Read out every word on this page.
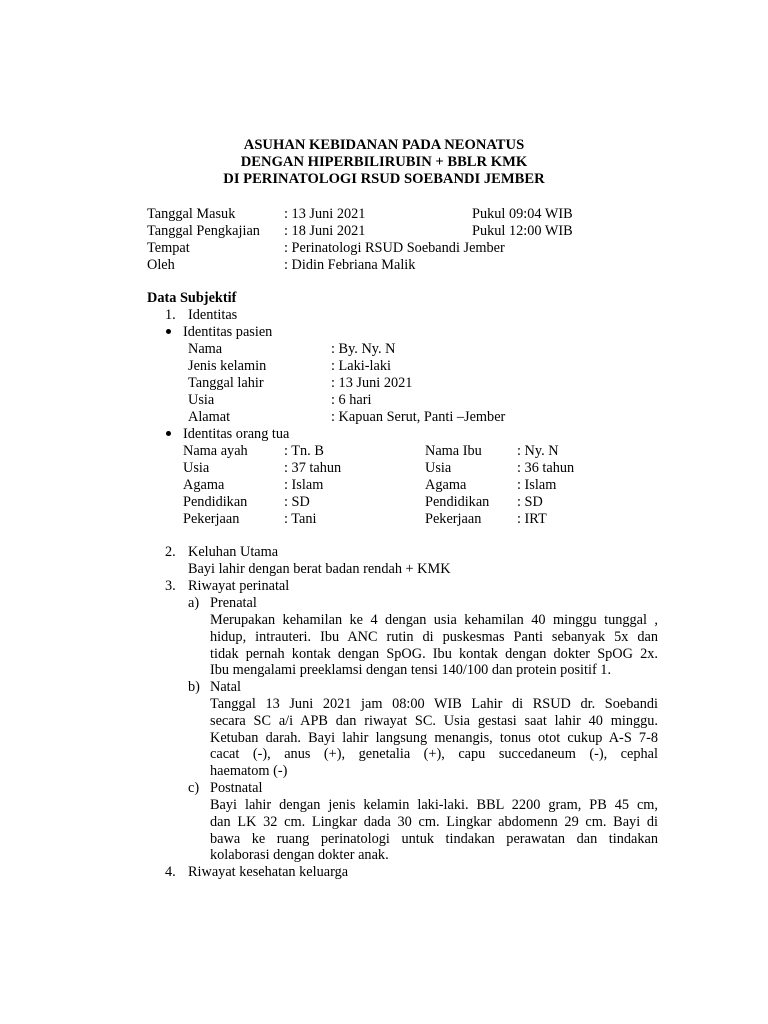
ASUHAN KEBIDANAN PADA NEONATUS
DENGAN HIPERBILIRUBIN + BBLR KMK
DI PERINATOLOGI RSUD SOEBANDI JEMBER
Tanggal Masuk	: 13 Juni 2021	Pukul 09:04 WIB
Tanggal Pengkajian : 18 Juni 2021	Pukul 12:00 WIB
Tempat	: Perinatologi RSUD Soebandi Jember
Oleh	: Didin Febriana Malik
Data Subjektif
1. Identitas
Identitas pasien
Nama	: By. Ny. N
Jenis kelamin	: Laki-laki
Tanggal lahir	: 13 Juni 2021
Usia	: 6 hari
Alamat	: Kapuan Serut, Panti –Jember
Identitas orang tua
Nama ayah	: Tn. B	Nama Ibu : Ny. N
Usia	: 37 tahun	Usia	: 36 tahun
Agama	: Islam	Agama	: Islam
Pendidikan	: SD	Pendidikan : SD
Pekerjaan	: Tani	Pekerjaan : IRT
2. Keluhan Utama
Bayi lahir dengan berat badan rendah + KMK
3. Riwayat perinatal
a) Prenatal
Merupakan kehamilan ke 4 dengan usia kehamilan 40 minggu tunggal ,
hidup, intrauteri. Ibu ANC rutin di puskesmas Panti sebanyak 5x dan
tidak pernah kontak dengan SpOG. Ibu kontak dengan dokter SpOG 2x.
Ibu mengalami preeklamsi dengan tensi 140/100 dan protein positif 1.
b) Natal
Tanggal 13 Juni 2021 jam 08:00 WIB Lahir di RSUD dr. Soebandi
secara SC a/i APB dan riwayat SC. Usia gestasi saat lahir 40 minggu.
Ketuban darah. Bayi lahir langsung menangis, tonus otot cukup A-S 7-8
cacat (-), anus (+), genetalia (+), capu succedaneum (-), cephal
haematom (-)
c) Postnatal
Bayi lahir dengan jenis kelamin laki-laki. BBL 2200 gram, PB 45 cm,
dan LK 32 cm. Lingkar dada 30 cm. Lingkar abdomenn 29 cm. Bayi di
bawa ke ruang perinatologi untuk tindakan perawatan dan tindakan
kolaborasi dengan dokter anak.
4. Riwayat kesehatan keluarga
